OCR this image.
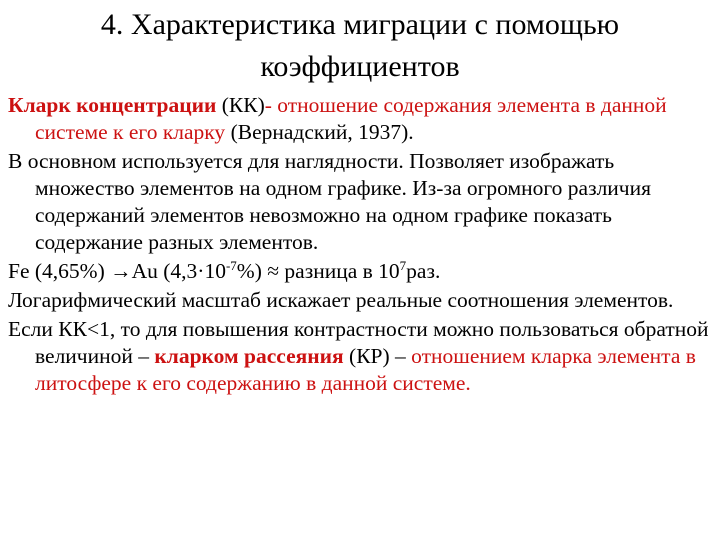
4. Характеристика миграции с помощью коэффициентов

Кларк концентрации (КК)- отношение содержания элемента в данной системе к его кларку (Вернадский, 1937).

В основном используется для наглядности. Позволяет изображать множество элементов на одном графике. Из-за огромного различия содержаний элементов невозможно на одном графике показать содержание разных элементов.

Fe (4,65%) →Au $(4,3\cdot 10^{-7}\%)$ ≈ разница в $10^7раз$.

Логарифмический масштаб искажает реальные соотношения элементов.

Если КК<1, то для повышения контрастности можно пользоваться обратной величиной – кларком рассеяния (КР) – отношением кларка элемента в литосфере к его содержанию в данной системе.
